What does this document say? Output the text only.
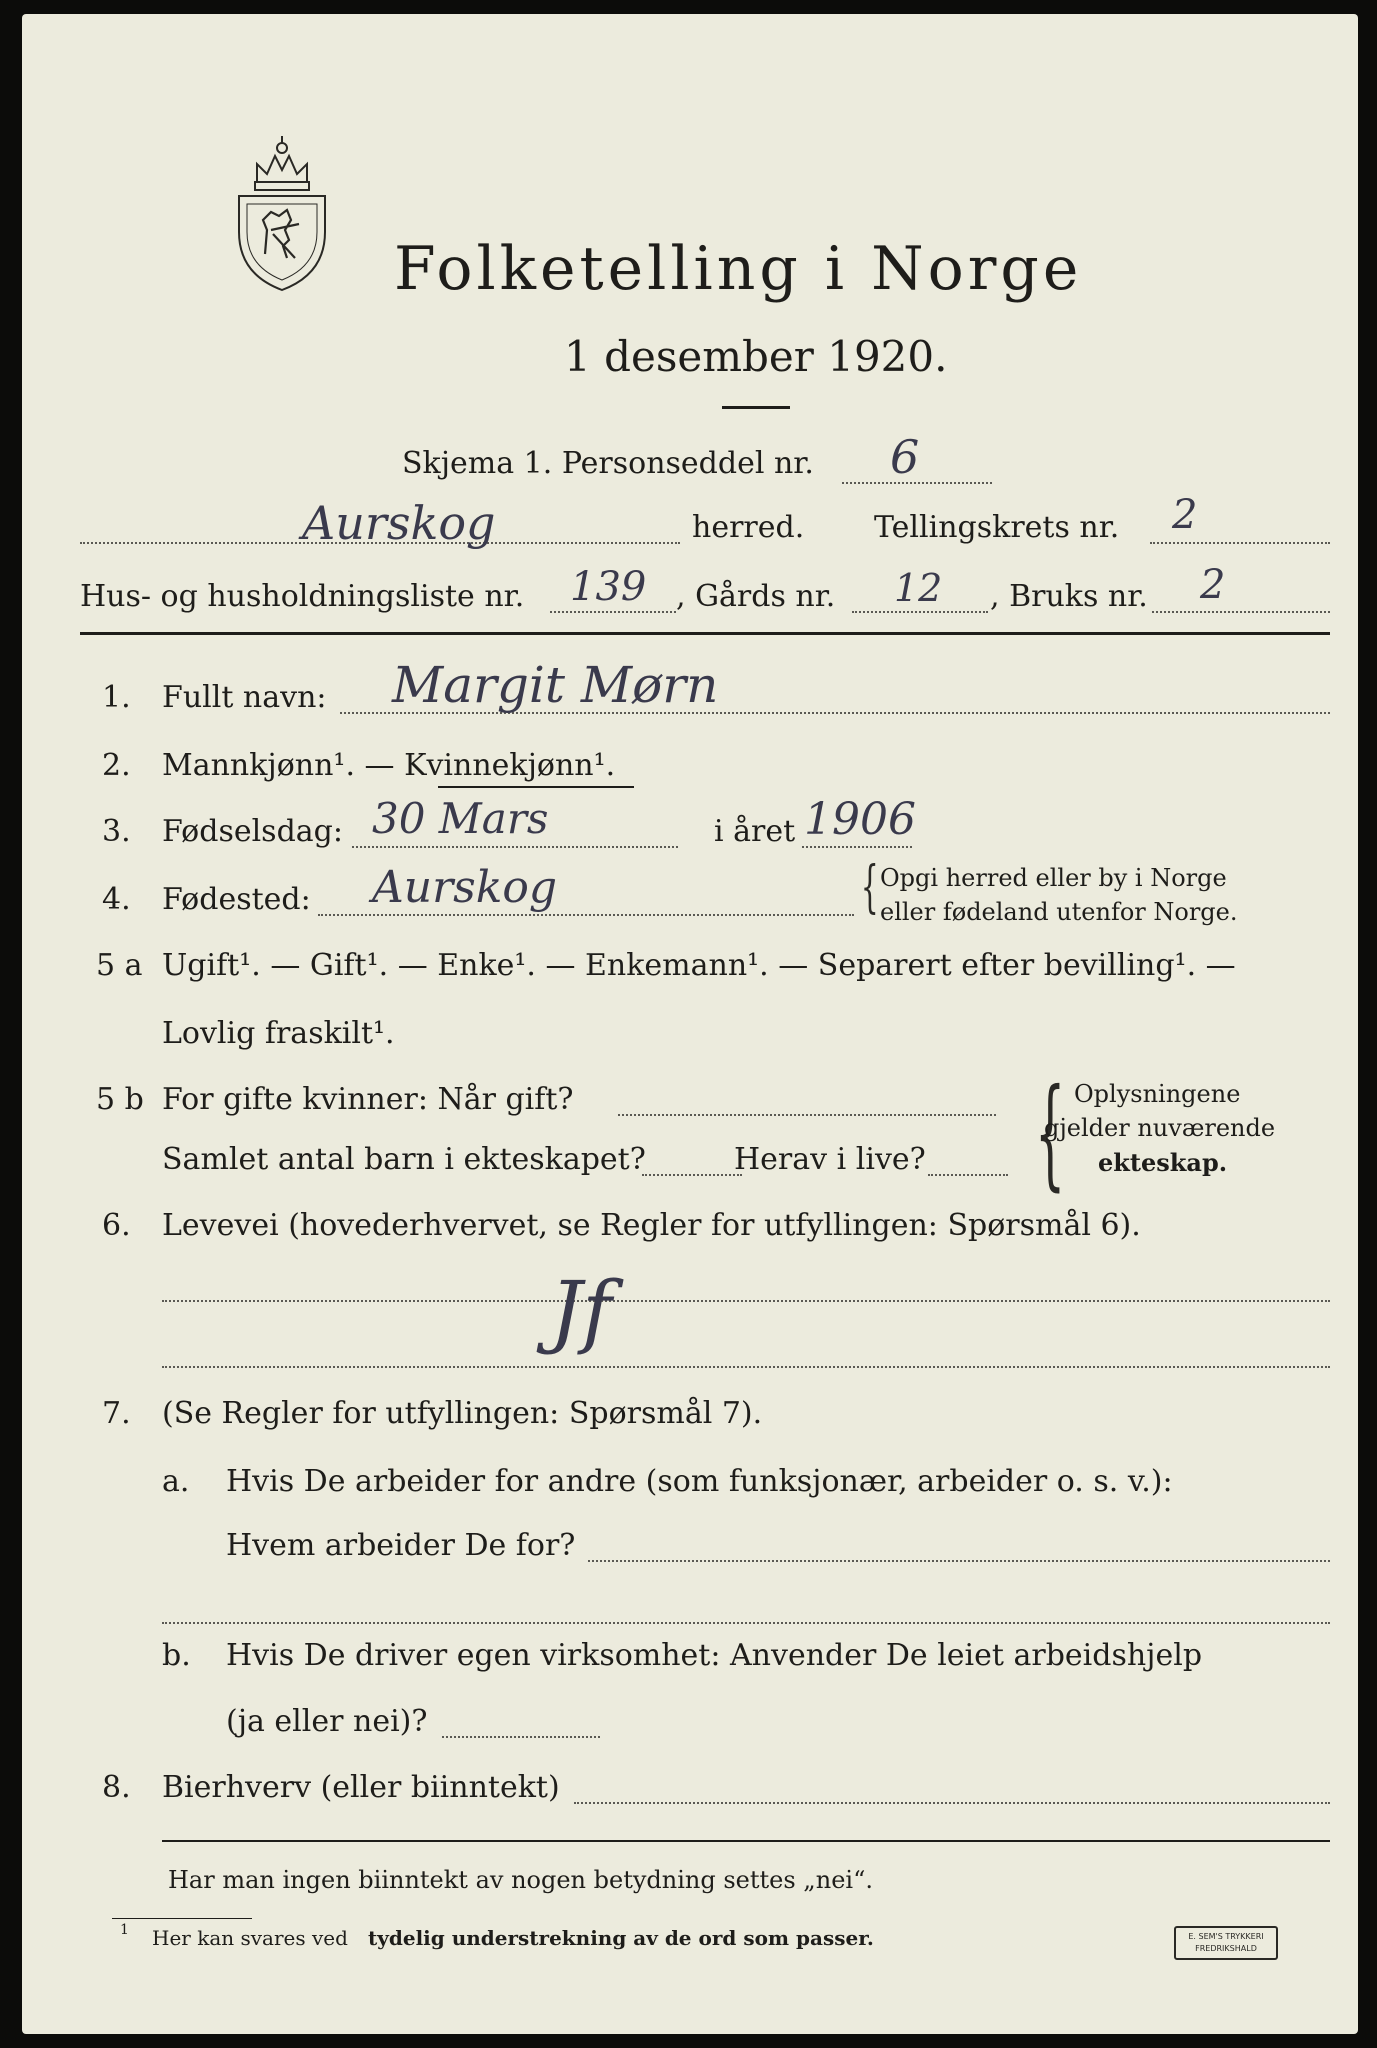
Folketelling i Norge
1 desember 1920.
Skjema 1. Personseddel nr. 6
Aurskog	herred. Tellingskrets nr. 2
Hus- og husholdningsliste nr. 139 , Gårds nr. 12 , Bruks nr. 2
1. Fullt navn: Margit Mørn
2. Mannkjønn¹. — Kvinnekjønn¹.
3. Fødselsdag: 30 Mars	i året 1906
4. Fødested: Aurskog	{ Opgi herred eller by i Norge
eller fødeland utenfor Norge.
5 a Ugift¹. — Gift¹. — Enke¹. — Enkemann¹. — Separert efter bevilling¹. —
Lovlig fraskilt¹.
5 b For gifte kvinner: Når gift?
Samlet antal barn i ekteskapet?	Herav i live? { Oplysningene
gjelder nuværende
ekteskap.
6. Levevei (hovederhvervet, se Regler for utfyllingen: Spørsmål 6).
Jf
7. (Se Regler for utfyllingen: Spørsmål 7).
a. Hvis De arbeider for andre (som funksjonær, arbeider o. s. v.):
Hvem arbeider De for?
b. Hvis De driver egen virksomhet: Anvender De leiet arbeidshjelp
(ja eller nei)?
8. Bierhverv (eller biinntekt)
Har man ingen biinntekt av nogen betydning settes „nei“.
1 Her kan svares ved tydelig understrekning av de ord som passer.	E. SEM'S TRYKKERI
FREDRIKSHALD
